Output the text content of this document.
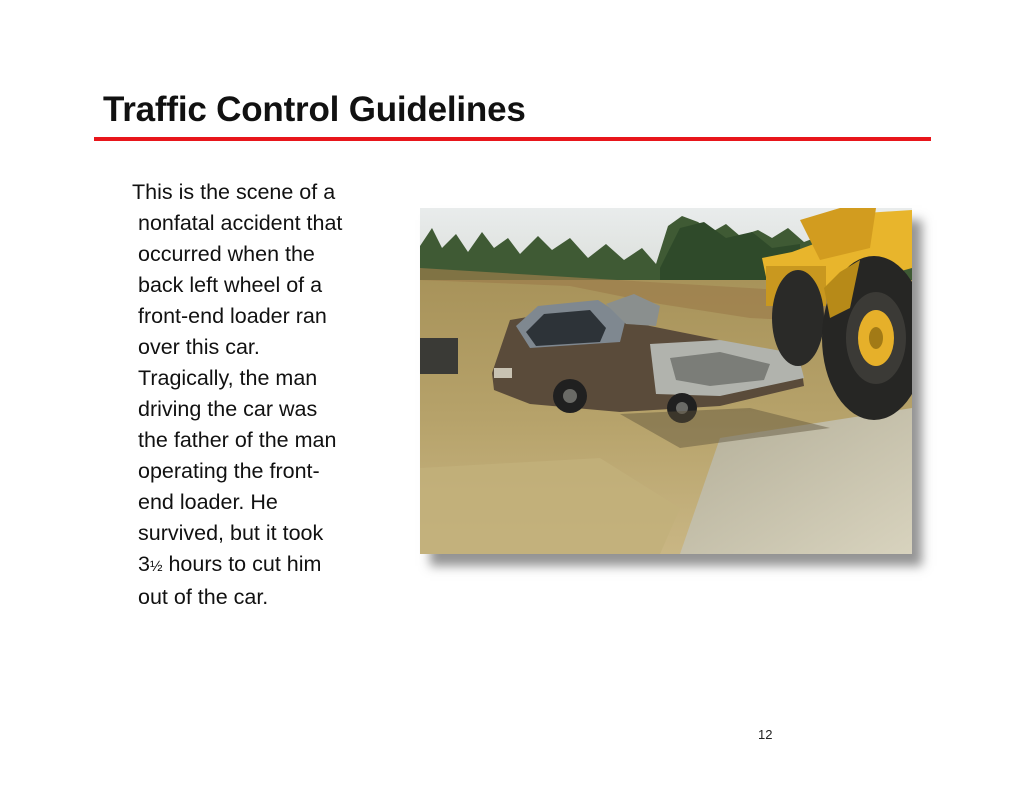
Traffic Control Guidelines

This is the scene of a
nonfatal accident that
occurred when the
back left wheel of a
front-end loader ran
over this car.
Tragically, the man
driving the car was
the father of the man
operating the front-
end loader. He
survived, but it took
3½ hours to cut him
out of the car.

12
